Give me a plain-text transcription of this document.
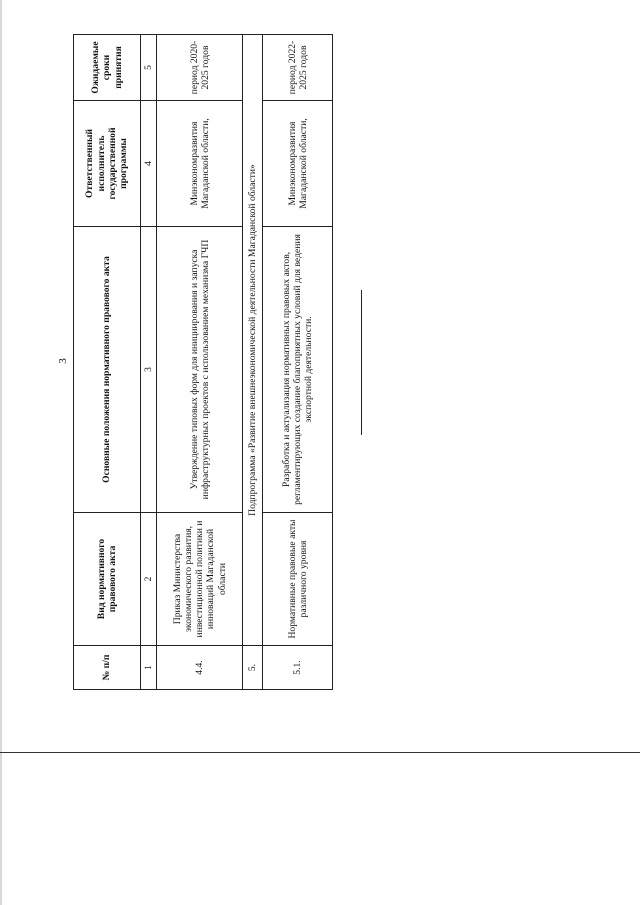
3
№ п/п	Вид нормативного правового акта	Основные положения нормативного правового акта	Ответственный исполнитель государственной программы	Ожидаемые сроки принятия
1	2	3	4	5
4.4.	Приказ Министерства экономического развития, инвестиционной политики и инноваций Магаданской области	Утверждение типовых форм для инициирования и запуска инфраструктурных проектов с использованием механизма ГЧП	Минэкономразвития Магаданской области,	период 2020-2025 годов
5.	Подпрограмма «Развитие внешнеэкономической деятельности Магаданской области»			
5.1.	Нормативные правовые акты различного уровня	Разработка и актуализация нормативных правовых актов, регламентирующих создание благоприятных условий для ведения экспортной деятельности.	Минэкономразвития Магаданской области,	период 2022-2025 годов
